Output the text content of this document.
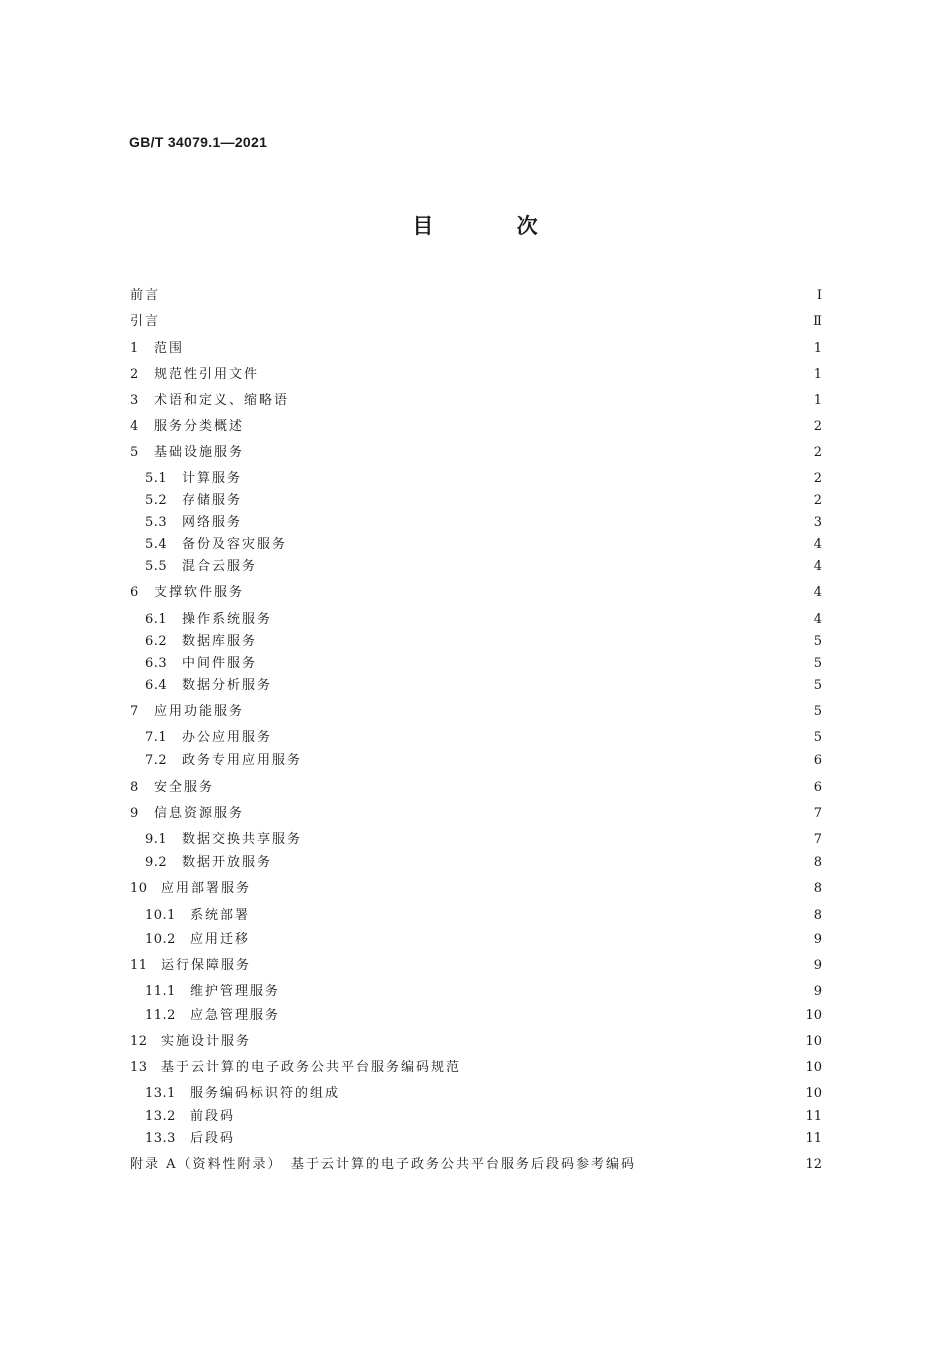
GB/T 34079.1—2021
目 次
前言	Ⅰ
引言	Ⅱ
1	范围	1
2	规范性引用文件	1
3	术语和定义、缩略语	1
4	服务分类概述	2
5	基础设施服务	2
5.1	计算服务	2
5.2	存储服务	2
5.3	网络服务	3
5.4	备份及容灾服务	4
5.5	混合云服务	4
6	支撑软件服务	4
6.1	操作系统服务	4
6.2	数据库服务	5
6.3	中间件服务	5
6.4	数据分析服务	5
7	应用功能服务	5
7.1	办公应用服务	5
7.2	政务专用应用服务	6
8	安全服务	6
9	信息资源服务	7
9.1	数据交换共享服务	7
9.2	数据开放服务	8
10	应用部署服务	8
10.1	系统部署	8
10.2	应用迁移	9
11	运行保障服务	9
11.1	维护管理服务	9
11.2	应急管理服务	10
12	实施设计服务	10
13	基于云计算的电子政务公共平台服务编码规范	10
13.1	服务编码标识符的组成	10
13.2	前段码	11
13.3	后段码	11
附录 A（资料性附录）　基于云计算的电子政务公共平台服务后段码参考编码	12
